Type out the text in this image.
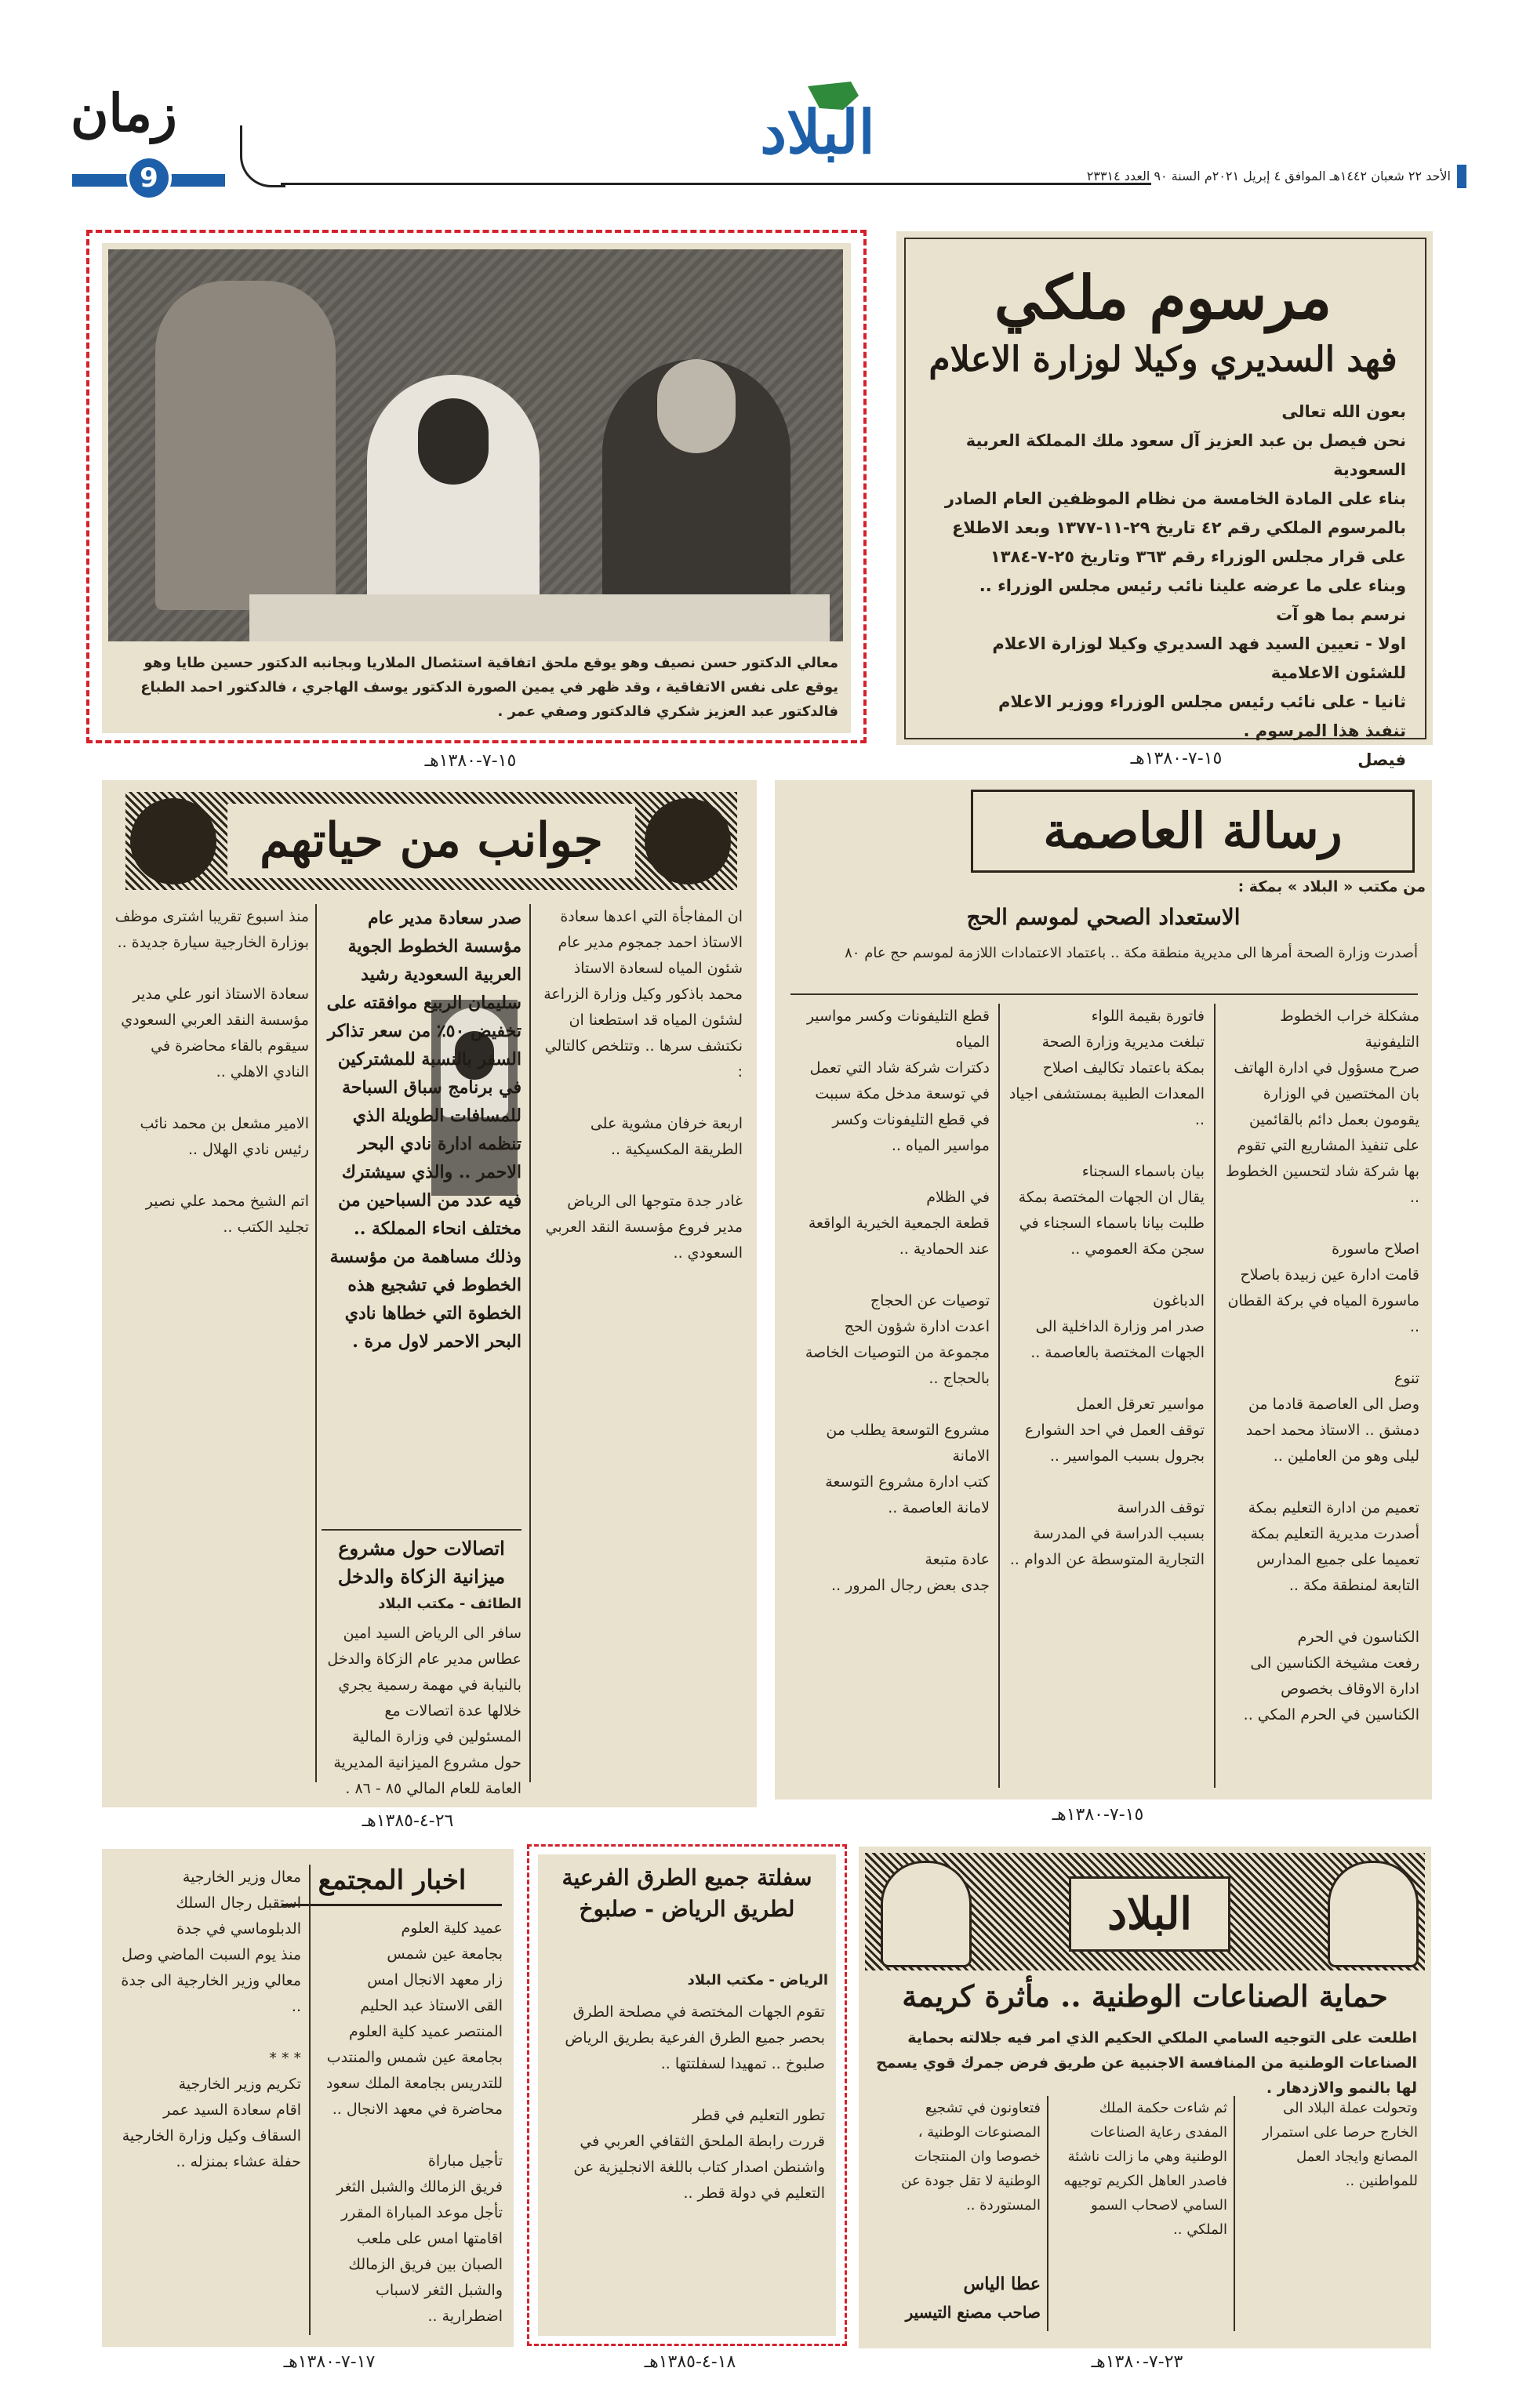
زمان
9
البلاد
الأحد ٢٢ شعبان ١٤٤٢هـ الموافق ٤ إبريل ٢٠٢١م السنة ٩٠ العدد ٢٣٣١٤
مرسوم ملكي
فهد السديري وكيلا لوزارة الاعلام
بعون الله تعالى
نحن فيصل بن عبد العزيز آل سعود ملك المملكة العربية السعودية
بناء على المادة الخامسة من نظام الموظفين العام الصادر
بالمرسوم الملكي رقم ٤٢ تاريخ ٢٩-١١-١٣٧٧ وبعد الاطلاع
على قرار مجلس الوزراء رقم ٣٦٣ وتاريخ ٢٥-٧-١٣٨٤
وبناء على ما عرضه علينا نائب رئيس مجلس الوزراء ..
نرسم بما هو آت
اولا - تعيين السيد فهد السديري وكيلا لوزارة الاعلام
للشئون الاعلامية
ثانيا - على نائب رئيس مجلس الوزراء ووزير الاعلام
تنفيذ هذا المرسوم .
فيصل
١٥-٧-١٣٨٠هـ
معالي الدكتور حسن نصيف وهو يوقع ملحق اتفاقية استئصال الملاريا وبجانبه الدكتور حسين طايا وهو يوقع على نفس الاتفاقية ، وقد ظهر في يمين الصورة الدكتور يوسف الهاجري ، فالدكتور احمد الطباع فالدكتور عبد العزيز شكري فالدكتور وصفي عمر .
١٥-٧-١٣٨٠هـ
رسالة العاصمة
من مكتب « البلاد » بمكة :
الاستعداد الصحي لموسم الحج
أصدرت وزارة الصحة أمرها الى مديرية منطقة مكة .. باعتماد الاعتمادات اللازمة لموسم حج عام ٨٠
مشكلة خراب الخطوط التليفونية
صرح مسؤول في ادارة الهاتف بان المختصين في الوزارة يقومون بعمل دائم بالقائمين على تنفيذ المشاريع التي تقوم بها شركة شاد لتحسين الخطوط ..

اصلاح ماسورة
قامت ادارة عين زبيدة باصلاح ماسورة المياه في بركة القطان ..

تنوع
وصل الى العاصمة قادما من دمشق .. الاستاذ محمد احمد ليلى وهو من العاملين ..

تعميم من ادارة التعليم بمكة
أصدرت مديرية التعليم بمكة تعميما على جميع المدارس التابعة لمنطقة مكة ..

الكناسون في الحرم
رفعت مشيخة الكناسين الى ادارة الاوقاف بخصوص الكناسين في الحرم المكي ..
فاتورة بقيمة اللواء
تبلغت مديرية وزارة الصحة بمكة باعتماد تكاليف اصلاح المعدات الطبية بمستشفى اجياد ..

بيان باسماء السجناء
يقال ان الجهات المختصة بمكة طلبت بيانا باسماء السجناء في سجن مكة العمومي ..

الدباغون
صدر امر وزارة الداخلية الى الجهات المختصة بالعاصمة ..

مواسير تعرقل العمل
توقف العمل في احد الشوارع بجرول بسبب المواسير ..

توقف الدراسة
بسبب الدراسة في المدرسة التجارية المتوسطة عن الدوام ..
قطع التليفونات وكسر مواسير المياه
دكترات شركة شاد التي تعمل في توسعة مدخل مكة سببت في قطع التليفونات وكسر مواسير المياه ..

في الظلام
قطعة الجمعية الخيرية الواقعة عند الحمادية ..

توصيات عن الحجاج
اعدت ادارة شؤون الحج مجموعة من التوصيات الخاصة بالحجاج ..

مشروع التوسعة يطلب من الامانة
كتب ادارة مشروع التوسعة لامانة العاصمة ..

عادة متبعة
جدى بعض رجال المرور ..
١٥-٧-١٣٨٠هـ
جوانب من حياتهم
ان المفاجأة التي اعدها سعادة الاستاذ احمد جمجوم مدير عام شئون المياه لسعادة الاستاذ محمد باذكور وكيل وزارة الزراعة لشئون المياه قد استطعنا ان نكتشف سرها .. وتتلخص كالتالي :

اربعة خرفان مشوية على الطريقة المكسيكية ..

غادر جدة متوجها الى الرياض مدير فروع مؤسسة النقد العربي السعودي ..
صدر سعادة مدير عام مؤسسة الخطوط الجوية العربية السعودية رشيد سليمان الربيع موافقته على تخفيض ٥٠٪ من سعر تذاكر السفر بالنسبة للمشتركين في برنامج سباق السباحة للمسافات الطويلة الذي تنظمه ادارة نادي البحر الاحمر .. والذي سيشترك فيه عدد من السباحين من مختلف انحاء المملكة .. وذلك مساهمة من مؤسسة الخطوط في تشجيع هذه الخطوة التي خطاها نادي البحر الاحمر لاول مرة .
منذ اسبوع تقريبا اشترى موظف بوزارة الخارجية سيارة جديدة ..

سعادة الاستاذ انور علي مدير مؤسسة النقد العربي السعودي سيقوم بالقاء محاضرة في النادي الاهلي ..

الامير مشعل بن محمد نائب رئيس نادي الهلال ..

اتم الشيخ محمد علي نصير تجليد الكتب ..
اتصالات حول مشروع ميزانية الزكاة والدخل
الطائف - مكتب البلاد
سافر الى الرياض السيد امين عطاس مدير عام الزكاة والدخل بالنيابة في مهمة رسمية يجري خلالها عدة اتصالات مع المسئولين في وزارة المالية حول مشروع الميزانية المديرية العامة للعام المالي ٨٥ - ٨٦ .
٢٦-٤-١٣٨٥هـ
البلاد
حماية الصناعات الوطنية .. مأثرة كريمة
اطلعت على التوجيه السامي الملكي الحكيم الذي امر فيه جلالته بحماية الصناعات الوطنية من المنافسة الاجنبية عن طريق فرض جمرك قوي يسمح لها بالنمو والازدهار .
وتحولت عملة البلاد الى الخارج حرصا على استمرار المصانع وايجاد العمل للمواطنين ..
ثم شاءت حكمة الملك المفدى رعاية الصناعات الوطنية وهي ما زالت ناشئة فاصدر العاهل الكريم توجيهه السامي لاصحاب السمو الملكي ..
فتعاونون في تشجيع المصنوعات الوطنية ، خصوصا وان المنتجات الوطنية لا تقل جودة عن المستوردة ..
عطا الياس
صاحب مصنع التيسير
٢٣-٧-١٣٨٠هـ
سفلتة جميع الطرق الفرعية لطريق الرياض - صلبوخ
الرياض - مكتب البلاد
تقوم الجهات المختصة في مصلحة الطرق بحصر جميع الطرق الفرعية بطريق الرياض صلبوخ .. تمهيدا لسفلتتها ..

تطور التعليم في قطر
قررت رابطة الملحق الثقافي العربي في واشنطن اصدار كتاب باللغة الانجليزية عن التعليم في دولة قطر ..
١٨-٤-١٣٨٥هـ
اخبار المجتمع
عميد كلية العلوم
بجامعة عين شمس
زار معهد الانجال امس
القى الاستاذ عبد الحليم المنتصر عميد كلية العلوم بجامعة عين شمس والمنتدب للتدريس بجامعة الملك سعود محاضرة في معهد الانجال ..

تأجيل مباراة
فريق الزمالك والشبل الثغر
تأجل موعد المباراة المقرر اقامتها امس على ملعب الصبان بين فريق الزمالك والشبل الثغر لاسباب اضطرارية ..
معال وزير الخارجية
استقبل رجال السلك الدبلوماسي في جدة
منذ يوم السبت الماضي وصل معالي وزير الخارجية الى جدة ..

* * *
تكريم وزير الخارجية
اقام سعادة السيد عمر السقاف وكيل وزارة الخارجية حفلة عشاء بمنزله ..
١٧-٧-١٣٨٠هـ
